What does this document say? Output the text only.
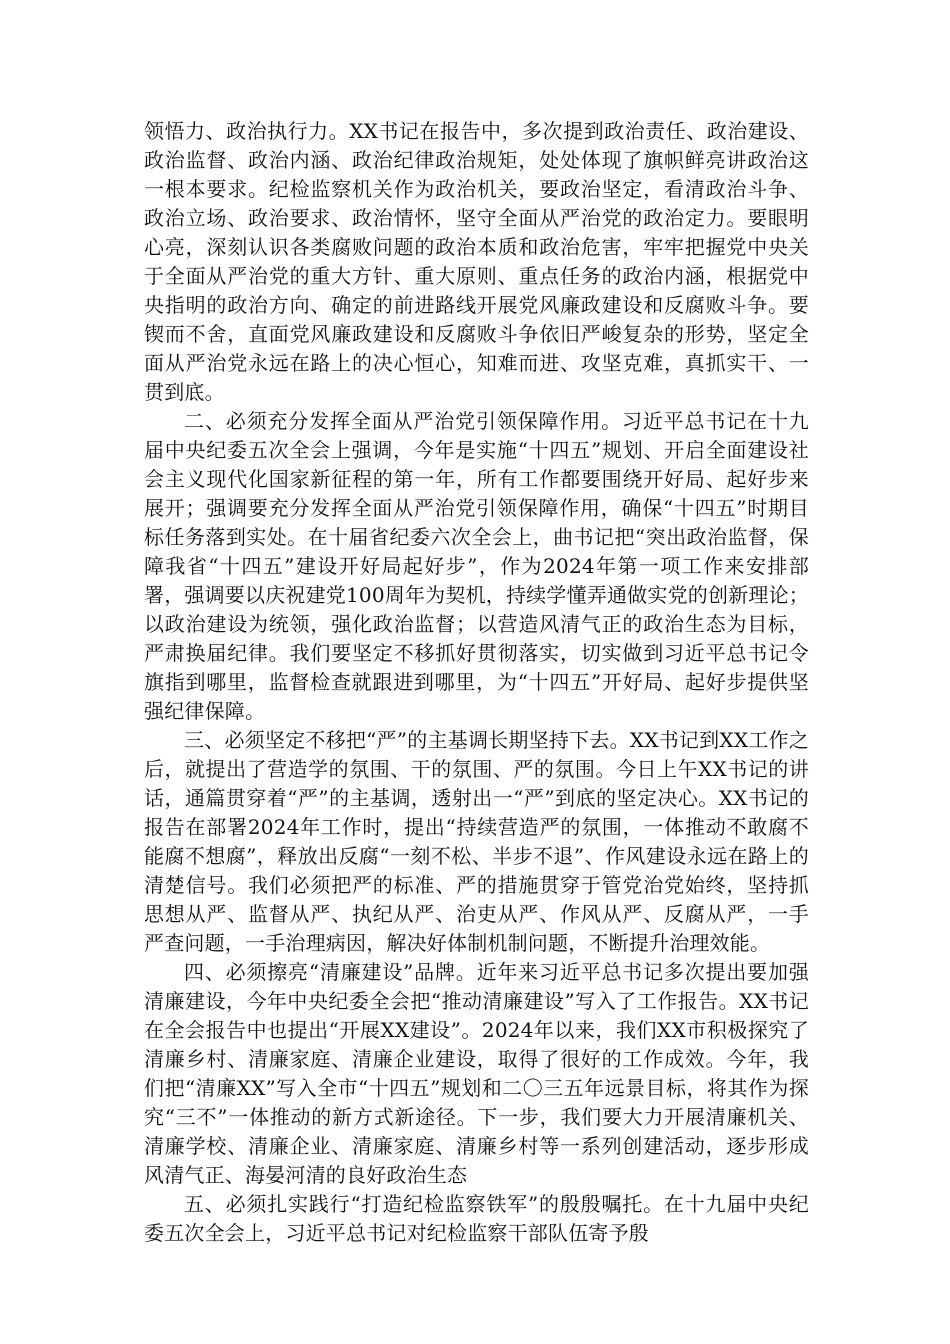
领悟力、政治执行力。XX书记在报告中，多次提到政治责任、政治建设、政治监督、政治内涵、政治纪律政治规矩，处处体现了旗帜鲜亮讲政治这一根本要求。纪检监察机关作为政治机关，要政治坚定，看清政治斗争、政治立场、政治要求、政治情怀，坚守全面从严治党的政治定力。要眼明心亮，深刻认识各类腐败问题的政治本质和政治危害，牢牢把握党中央关于全面从严治党的重大方针、重大原则、重点任务的政治内涵，根据党中央指明的政治方向、确定的前进路线开展党风廉政建设和反腐败斗争。要锲而不舍，直面党风廉政建设和反腐败斗争依旧严峻复杂的形势，坚定全面从严治党永远在路上的决心恒心，知难而进、攻坚克难，真抓实干、一贯到底。

二、必须充分发挥全面从严治党引领保障作用。习近平总书记在十九届中央纪委五次全会上强调，今年是实施“十四五”规划、开启全面建设社会主义现代化国家新征程的第一年，所有工作都要围绕开好局、起好步来展开；强调要充分发挥全面从严治党引领保障作用，确保“十四五”时期目标任务落到实处。在十届省纪委六次全会上，曲书记把“突出政治监督，保障我省“十四五”建设开好局起好步”，作为2024年第一项工作来安排部署，强调要以庆祝建党100周年为契机，持续学懂弄通做实党的创新理论；以政治建设为统领，强化政治监督；以营造风清气正的政治生态为目标，严肃换届纪律。我们要坚定不移抓好贯彻落实，切实做到习近平总书记令旗指到哪里，监督检查就跟进到哪里，为“十四五”开好局、起好步提供坚强纪律保障。

三、必须坚定不移把“严”的主基调长期坚持下去。XX书记到XX工作之后，就提出了营造学的氛围、干的氛围、严的氛围。今日上午XX书记的讲话，通篇贯穿着“严”的主基调，透射出一“严”到底的坚定决心。XX书记的报告在部署2024年工作时，提出“持续营造严的氛围，一体推动不敢腐不能腐不想腐”，释放出反腐“一刻不松、半步不退”、作风建设永远在路上的清楚信号。我们必须把严的标准、严的措施贯穿于管党治党始终，坚持抓思想从严、监督从严、执纪从严、治吏从严、作风从严、反腐从严，一手严查问题，一手治理病因，解决好体制机制问题，不断提升治理效能。

四、必须擦亮“清廉建设”品牌。近年来习近平总书记多次提出要加强清廉建设，今年中央纪委全会把“推动清廉建设”写入了工作报告。XX书记在全会报告中也提出“开展XX建设”。2024年以来，我们XX市积极探究了清廉乡村、清廉家庭、清廉企业建设，取得了很好的工作成效。今年，我们把“清廉XX”写入全市“十四五”规划和二〇三五年远景目标，将其作为探究“三不”一体推动的新方式新途径。下一步，我们要大力开展清廉机关、清廉学校、清廉企业、清廉家庭、清廉乡村等一系列创建活动，逐步形成风清气正、海晏河清的良好政治生态

五、必须扎实践行“打造纪检监察铁军”的殷殷嘱托。在十九届中央纪委五次全会上，习近平总书记对纪检监察干部队伍寄予殷
